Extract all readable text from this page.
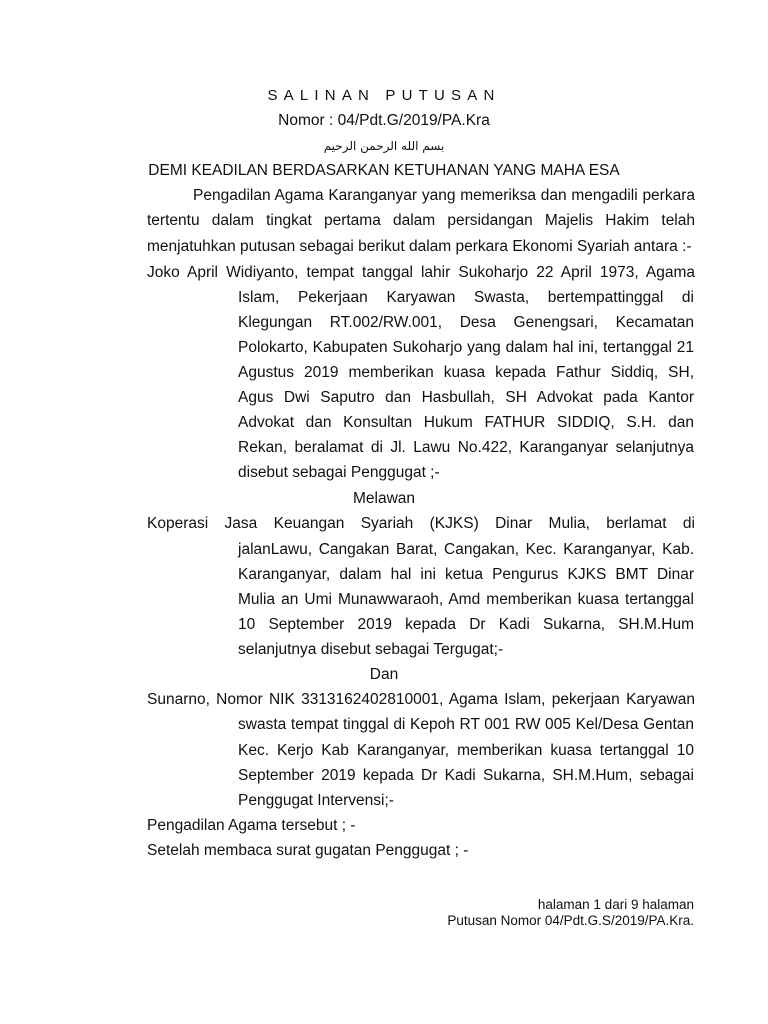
SALINAN PUTUSAN
Nomor : 04/Pdt.G/2019/PA.Kra
بسم الله الرحمن الرحيم
DEMI KEADILAN BERDASARKAN KETUHANAN YANG MAHA ESA
Pengadilan Agama Karanganyar yang memeriksa dan mengadili perkara
tertentu dalam tingkat pertama dalam persidangan Majelis Hakim telah
menjatuhkan putusan sebagai berikut dalam perkara Ekonomi Syariah antara :-
Joko April Widiyanto, tempat tanggal lahir Sukoharjo 22 April 1973, Agama
Islam, Pekerjaan Karyawan Swasta, bertempattinggal di
Klegungan RT.002/RW.001, Desa Genengsari, Kecamatan
Polokarto, Kabupaten Sukoharjo yang dalam hal ini, tertanggal 21
Agustus 2019 memberikan kuasa kepada Fathur Siddiq, SH,
Agus Dwi Saputro dan Hasbullah, SH Advokat pada Kantor
Advokat dan Konsultan Hukum FATHUR SIDDIQ, S.H. dan
Rekan, beralamat di Jl. Lawu No.422, Karanganyar selanjutnya
disebut sebagai Penggugat ;-
Melawan
Koperasi Jasa Keuangan Syariah (KJKS) Dinar Mulia, berlamat di
jalanLawu, Cangakan Barat, Cangakan, Kec. Karanganyar, Kab.
Karanganyar, dalam hal ini ketua Pengurus KJKS BMT Dinar
Mulia an Umi Munawwaraoh, Amd memberikan kuasa tertanggal
10 September 2019 kepada Dr Kadi Sukarna, SH.M.Hum
selanjutnya disebut sebagai Tergugat;-
Dan
Sunarno, Nomor NIK 3313162402810001, Agama Islam, pekerjaan Karyawan
swasta tempat tinggal di Kepoh RT 001 RW 005 Kel/Desa Gentan
Kec. Kerjo Kab Karanganyar, memberikan kuasa tertanggal 10
September 2019 kepada Dr Kadi Sukarna, SH.M.Hum, sebagai
Penggugat Intervensi;-
Pengadilan Agama tersebut ; -
Setelah membaca surat gugatan Penggugat ; -
halaman 1 dari 9 halaman
Putusan Nomor 04/Pdt.G.S/2019/PA.Kra.
